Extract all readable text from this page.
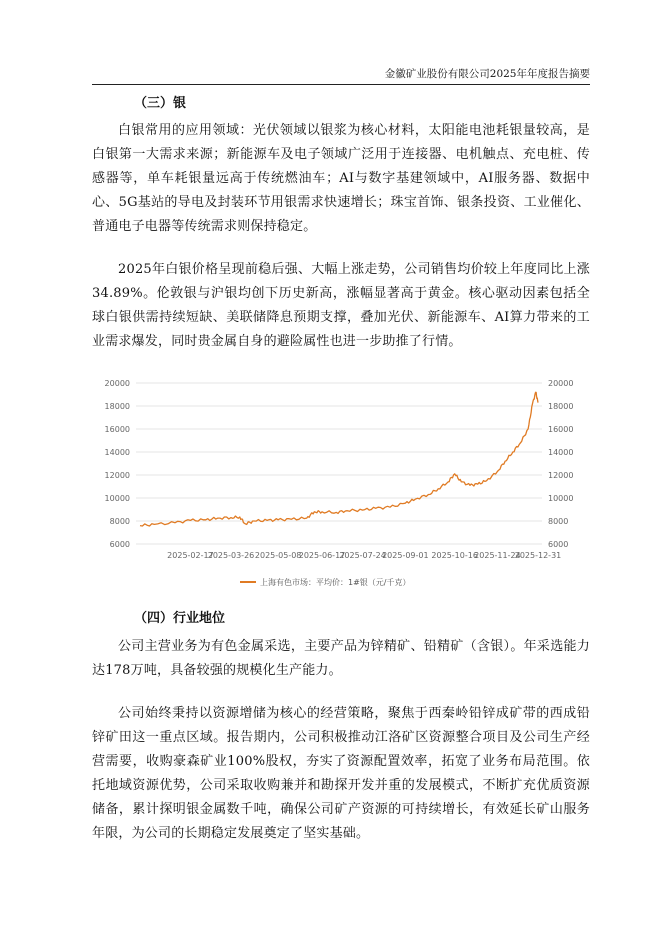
金徽矿业股份有限公司2025年年度报告摘要
（三）银

白银常用的应用领域：光伏领域以银浆为核心材料，太阳能电池耗银量较高，是白银第一大需求来源；新能源车及电子领域广泛用于连接器、电机触点、充电桩、传感器等，单车耗银量远高于传统燃油车；AI与数字基建领域中，AI服务器、数据中心、5G基站的导电及封装环节用银需求快速增长；珠宝首饰、银条投资、工业催化、普通电子电器等传统需求则保持稳定。

2025年白银价格呈现前稳后强、大幅上涨走势，公司销售均价较上年度同比上涨34.89%。伦敦银与沪银均创下历史新高，涨幅显著高于黄金。核心驱动因素包括全球白银供需持续短缺、美联储降息预期支撑，叠加光伏、新能源车、AI算力带来的工业需求爆发，同时贵金属自身的避险属性也进一步助推了行情。

20000
18000
16000
14000
12000
10000
8000
6000
20000
18000
16000
14000
12000
10000
8000
6000
2025-02-17
2025-03-26 2025-05-08
2025-06-17
2025-07-24
2025-09-01 2025-10-16
2025-11-24
2025-12-31
上海有色市场：平均价：1#银（元/千克）
（四）行业地位

公司主营业务为有色金属采选，主要产品为锌精矿、铅精矿（含银）。年采选能力达178万吨，具备较强的规模化生产能力。

公司始终秉持以资源增储为核心的经营策略，聚焦于西秦岭铅锌成矿带的西成铅锌矿田这一重点区域。报告期内，公司积极推动江洛矿区资源整合项目及公司生产经营需要，收购豪森矿业100%股权，夯实了资源配置效率，拓宽了业务布局范围。依托地域资源优势，公司采取收购兼并和勘探开发并重的发展模式，不断扩充优质资源储备，累计探明银金属数千吨，确保公司矿产资源的可持续增长，有效延长矿山服务年限，为公司的长期稳定发展奠定了坚实基础。
